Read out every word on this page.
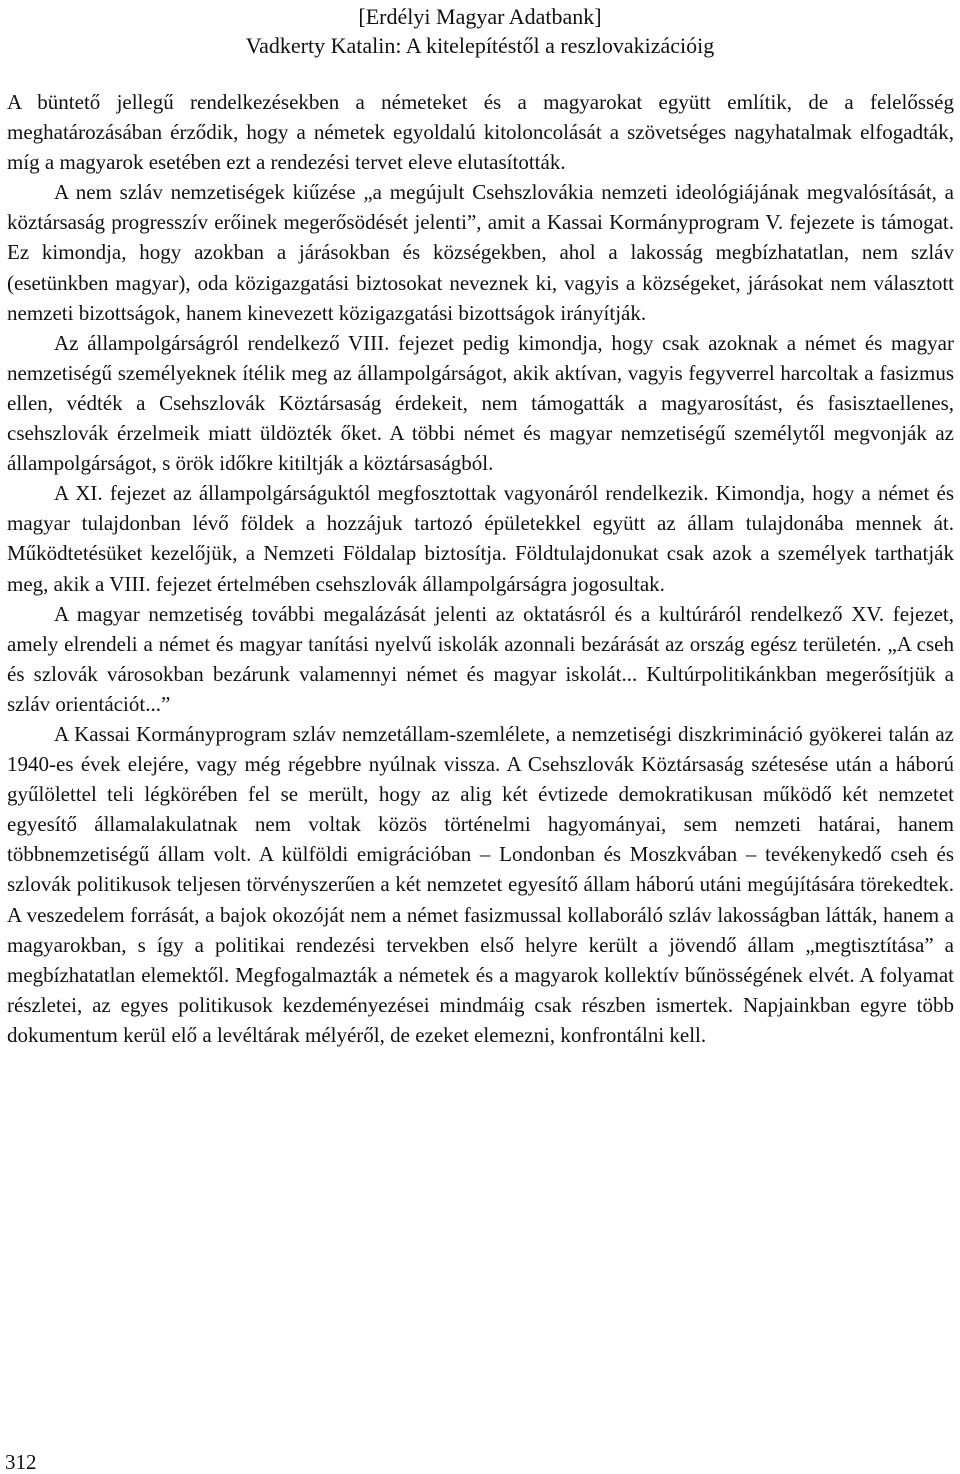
[Erdélyi Magyar Adatbank]
Vadkerty Katalin: A kitelepítéstől a reszlovakizációig

A büntető jellegű rendelkezésekben a németeket és a magyarokat együtt említik, de a felelősség meghatározásában érződik, hogy a németek egyoldalú kitoloncolását a szövetséges nagyhatalmak elfogadták, míg a magyarok esetében ezt a rendezési tervet eleve elutasították.

A nem szláv nemzetiségek kiűzése „a megújult Csehszlovákia nemzeti ideológiájának megvalósítását, a köztársaság progresszív erőinek megerősödését jelenti”, amit a Kassai Kormányprogram V. fejezete is támogat. Ez kimondja, hogy azokban a járásokban és községekben, ahol a lakosság megbízhatatlan, nem szláv (esetünkben magyar), oda közigazgatási biztosokat neveznek ki, vagyis a községeket, járásokat nem választott nemzeti bizottságok, hanem kinevezett közigazgatási bizottságok irányítják.

Az állampolgárságról rendelkező VIII. fejezet pedig kimondja, hogy csak azoknak a német és magyar nemzetiségű személyeknek ítélik meg az állampolgárságot, akik aktívan, vagyis fegyverrel harcoltak a fasizmus ellen, védték a Csehszlovák Köztársaság érdekeit, nem támogatták a magyarosítást, és fasisztaellenes, csehszlovák érzelmeik miatt üldözték őket. A többi német és magyar nemzetiségű személytől megvonják az állampolgárságot, s örök időkre kitiltják a köztársaságból.

A XI. fejezet az állampolgárságuktól megfosztottak vagyonáról rendelkezik. Kimondja, hogy a német és magyar tulajdonban lévő földek a hozzájuk tartozó épületekkel együtt az állam tulajdonába mennek át. Működtetésüket kezelőjük, a Nemzeti Földalap biztosítja. Földtulajdonukat csak azok a személyek tarthatják meg, akik a VIII. fejezet értelmében csehszlovák állampolgárságra jogosultak.

A magyar nemzetiség további megalázását jelenti az oktatásról és a kultúráról rendelkező XV. fejezet, amely elrendeli a német és magyar tanítási nyelvű iskolák azonnali bezárását az ország egész területén. „A cseh és szlovák városokban bezárunk valamennyi német és magyar iskolát... Kultúrpolitikánkban megerősítjük a szláv orientációt...”

A Kassai Kormányprogram szláv nemzetállam-szemlélete, a nemzetiségi diszkrimináció gyökerei talán az 1940-es évek elejére, vagy még régebbre nyúlnak vissza. A Csehszlovák Köztársaság szétesése után a háború gyűlölettel teli légkörében fel se merült, hogy az alig két évtizede demokratikusan működő két nemzetet egyesítő államalakulatnak nem voltak közös történelmi hagyományai, sem nemzeti határai, hanem többnemzetiségű állam volt. A külföldi emigrációban – Londonban és Moszkvában – tevékenykedő cseh és szlovák politikusok teljesen törvényszerűen a két nemzetet egyesítő állam háború utáni megújítására törekedtek. A veszedelem forrását, a bajok okozóját nem a német fasizmussal kollaboráló szláv lakosságban látták, hanem a magyarokban, s így a politikai rendezési tervekben első helyre került a jövendő állam „megtisztítása” a megbízhatatlan elemektől. Megfogalmazták a németek és a magyarok kollektív bűnösségének elvét. A folyamat részletei, az egyes politikusok kezdeményezései mindmáig csak részben ismertek. Napjainkban egyre több dokumentum kerül elő a levéltárak mélyéről, de ezeket elemezni, konfrontálni kell.

312
